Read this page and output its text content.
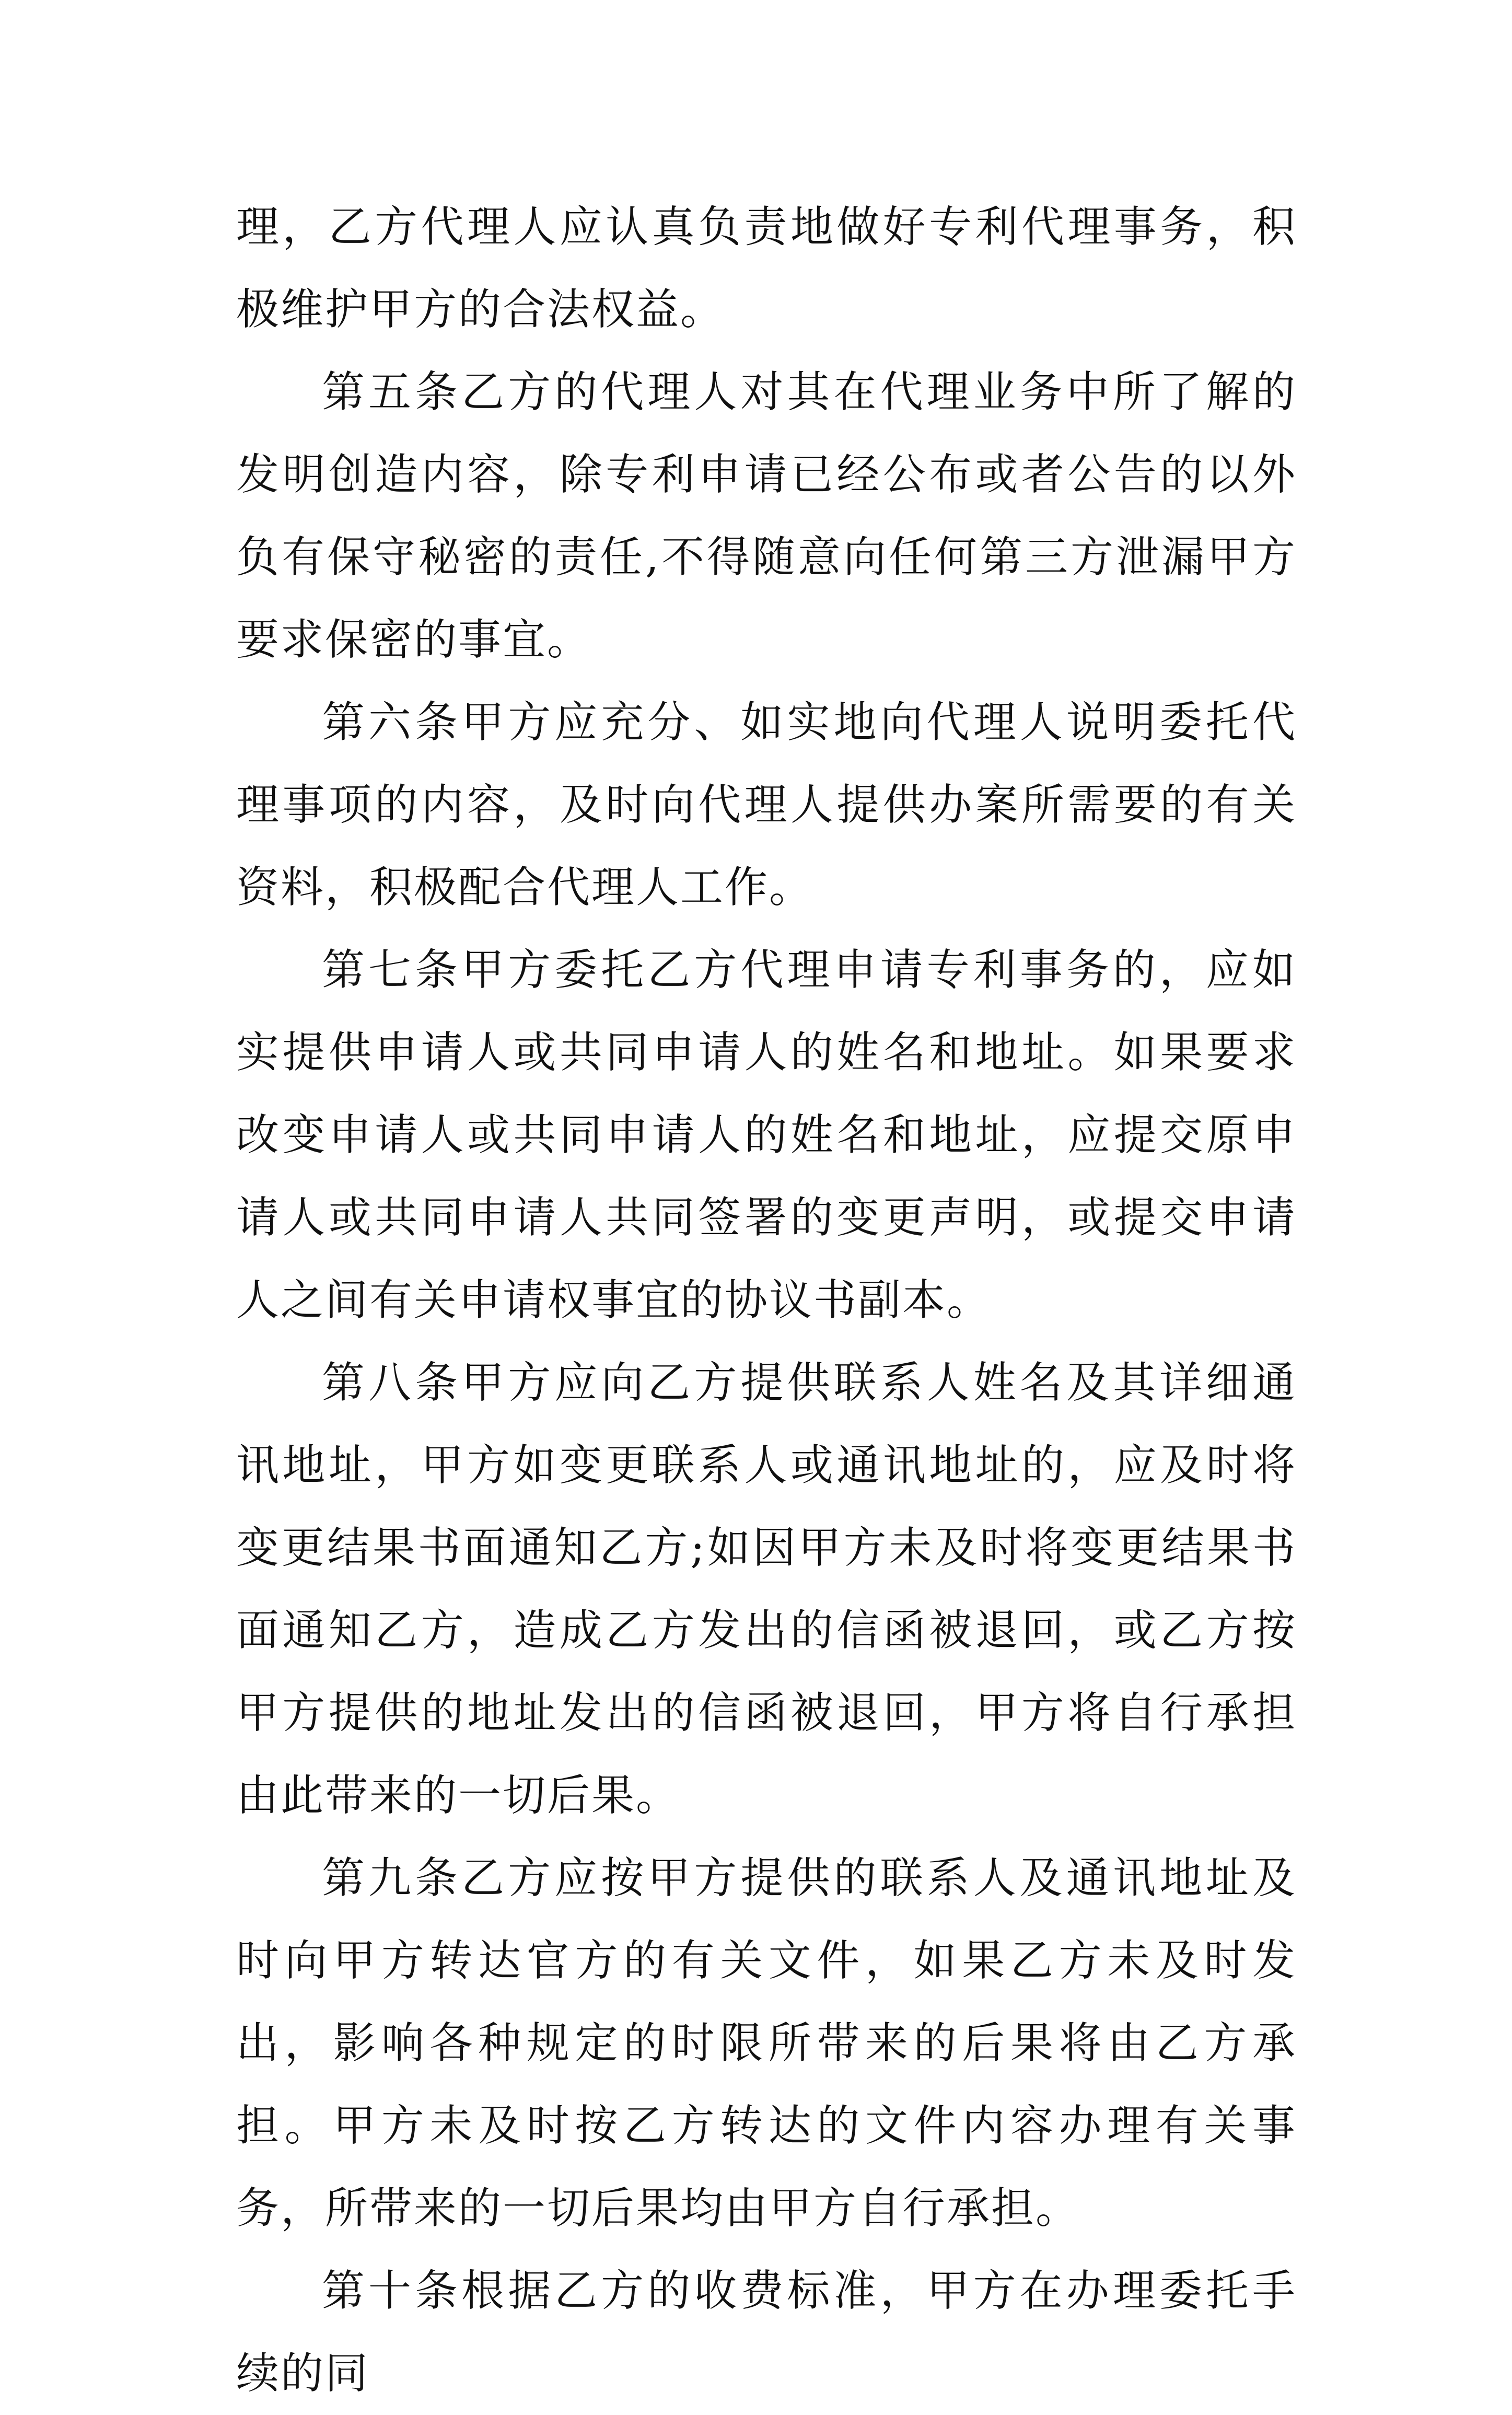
理，乙方代理人应认真负责地做好专利代理事务，积极维护甲方的合法权益。

第五条乙方的代理人对其在代理业务中所了解的发明创造内容，除专利申请已经公布或者公告的以外负有保守秘密的责任,不得随意向任何第三方泄漏甲方要求保密的事宜。

第六条甲方应充分、如实地向代理人说明委托代理事项的内容，及时向代理人提供办案所需要的有关资料，积极配合代理人工作。

第七条甲方委托乙方代理申请专利事务的，应如实提供申请人或共同申请人的姓名和地址。如果要求改变申请人或共同申请人的姓名和地址，应提交原申请人或共同申请人共同签署的变更声明，或提交申请人之间有关申请权事宜的协议书副本。

第八条甲方应向乙方提供联系人姓名及其详细通讯地址，甲方如变更联系人或通讯地址的，应及时将变更结果书面通知乙方;如因甲方未及时将变更结果书面通知乙方，造成乙方发出的信函被退回，或乙方按甲方提供的地址发出的信函被退回，甲方将自行承担由此带来的一切后果。

第九条乙方应按甲方提供的联系人及通讯地址及时向甲方转达官方的有关文件，如果乙方未及时发出，影响各种规定的时限所带来的后果将由乙方承担。甲方未及时按乙方转达的文件内容办理有关事务，所带来的一切后果均由甲方自行承担。

第十条根据乙方的收费标准，甲方在办理委托手续的同
